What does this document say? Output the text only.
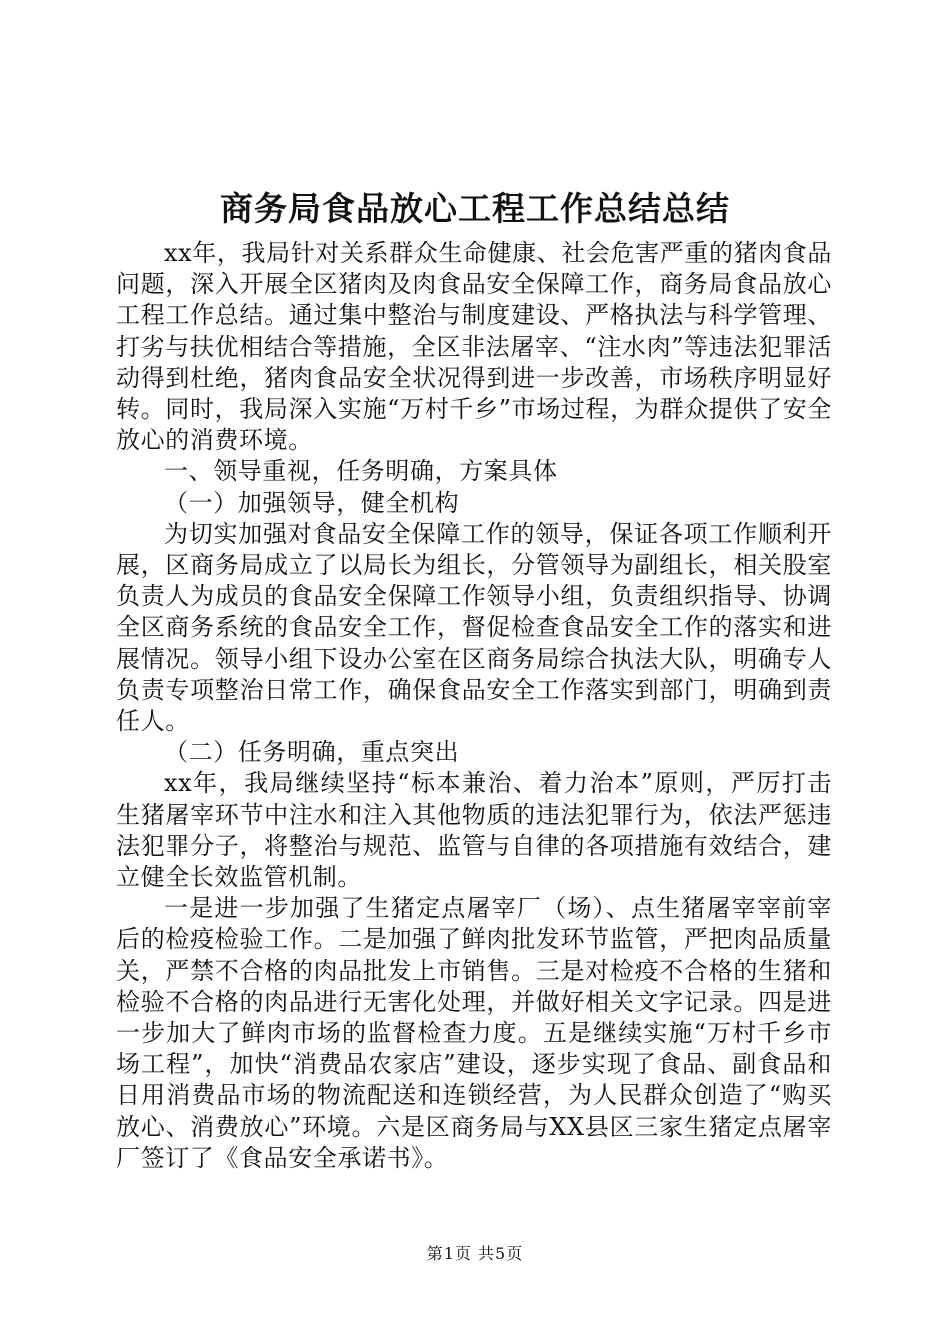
商务局食品放心工程工作总结总结

xx年，我局针对关系群众生命健康、社会危害严重的猪肉食品问题，深入开展全区猪肉及肉食品安全保障工作，商务局食品放心工程工作总结。通过集中整治与制度建设、严格执法与科学管理、打劣与扶优相结合等措施，全区非法屠宰、“注水肉”等违法犯罪活动得到杜绝，猪肉食品安全状况得到进一步改善，市场秩序明显好转。同时，我局深入实施“万村千乡”市场过程，为群众提供了安全放心的消费环境。

一、领导重视，任务明确，方案具体

（一）加强领导，健全机构

为切实加强对食品安全保障工作的领导，保证各项工作顺利开展，区商务局成立了以局长为组长，分管领导为副组长，相关股室负责人为成员的食品安全保障工作领导小组，负责组织指导、协调全区商务系统的食品安全工作，督促检查食品安全工作的落实和进展情况。领导小组下设办公室在区商务局综合执法大队，明确专人负责专项整治日常工作，确保食品安全工作落实到部门，明确到责任人。

（二）任务明确，重点突出

xx年，我局继续坚持“标本兼治、着力治本”原则，严厉打击生猪屠宰环节中注水和注入其他物质的违法犯罪行为，依法严惩违法犯罪分子，将整治与规范、监管与自律的各项措施有效结合，建立健全长效监管机制。

一是进一步加强了生猪定点屠宰厂（场）、点生猪屠宰宰前宰后的检疫检验工作。二是加强了鲜肉批发环节监管，严把肉品质量关，严禁不合格的肉品批发上市销售。三是对检疫不合格的生猪和检验不合格的肉品进行无害化处理，并做好相关文字记录。四是进一步加大了鲜肉市场的监督检查力度。五是继续实施“万村千乡市场工程”，加快“消费品农家店”建设，逐步实现了食品、副食品和日用消费品市场的物流配送和连锁经营，为人民群众创造了“购买放心、消费放心”环境。六是区商务局与XX县区三家生猪定点屠宰厂签订了《食品安全承诺书》。

第1页 共5页
